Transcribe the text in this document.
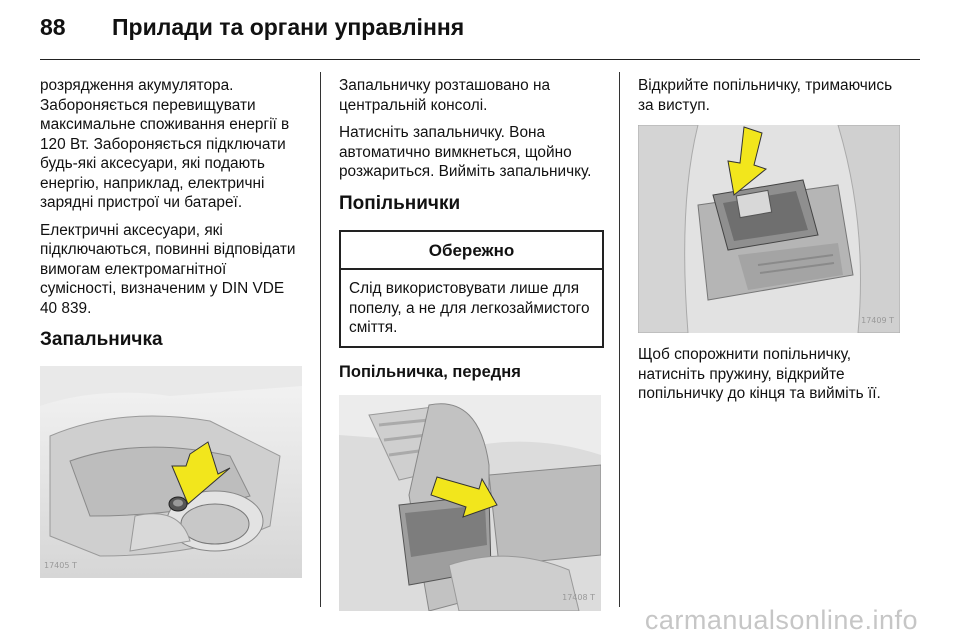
88 Прилади та органи управління

розрядження акумулятора. Забороняється перевищувати максимальне споживання енергії в 120 Вт. Забороняється підключати будь-які аксесуари, які подають енергію, наприклад, електричні зарядні пристрої чи батареї.

Електричні аксесуари, які підключаються, повинні відповідати вимогам електромагнітної сумісності, визначеним у DIN VDE 40 839.

Запальничка
17405 T

Запальничку розташовано на центральній консолі.

Натисніть запальничку. Вона автоматично вимкнеться, щойно розжариться. Вийміть запальничку.

Попільнички
Обережно
Слід використовувати лише для попелу, а не для легкозаймистого сміття.
Попільничка, передня
17408 T

Відкрийте попільничку, тримаючись за виступ.

17409 T

Щоб спорожнити попільничку, натисніть пружину, відкрийте попільничку до кінця та вийміть її.

carmanualsonline.info
